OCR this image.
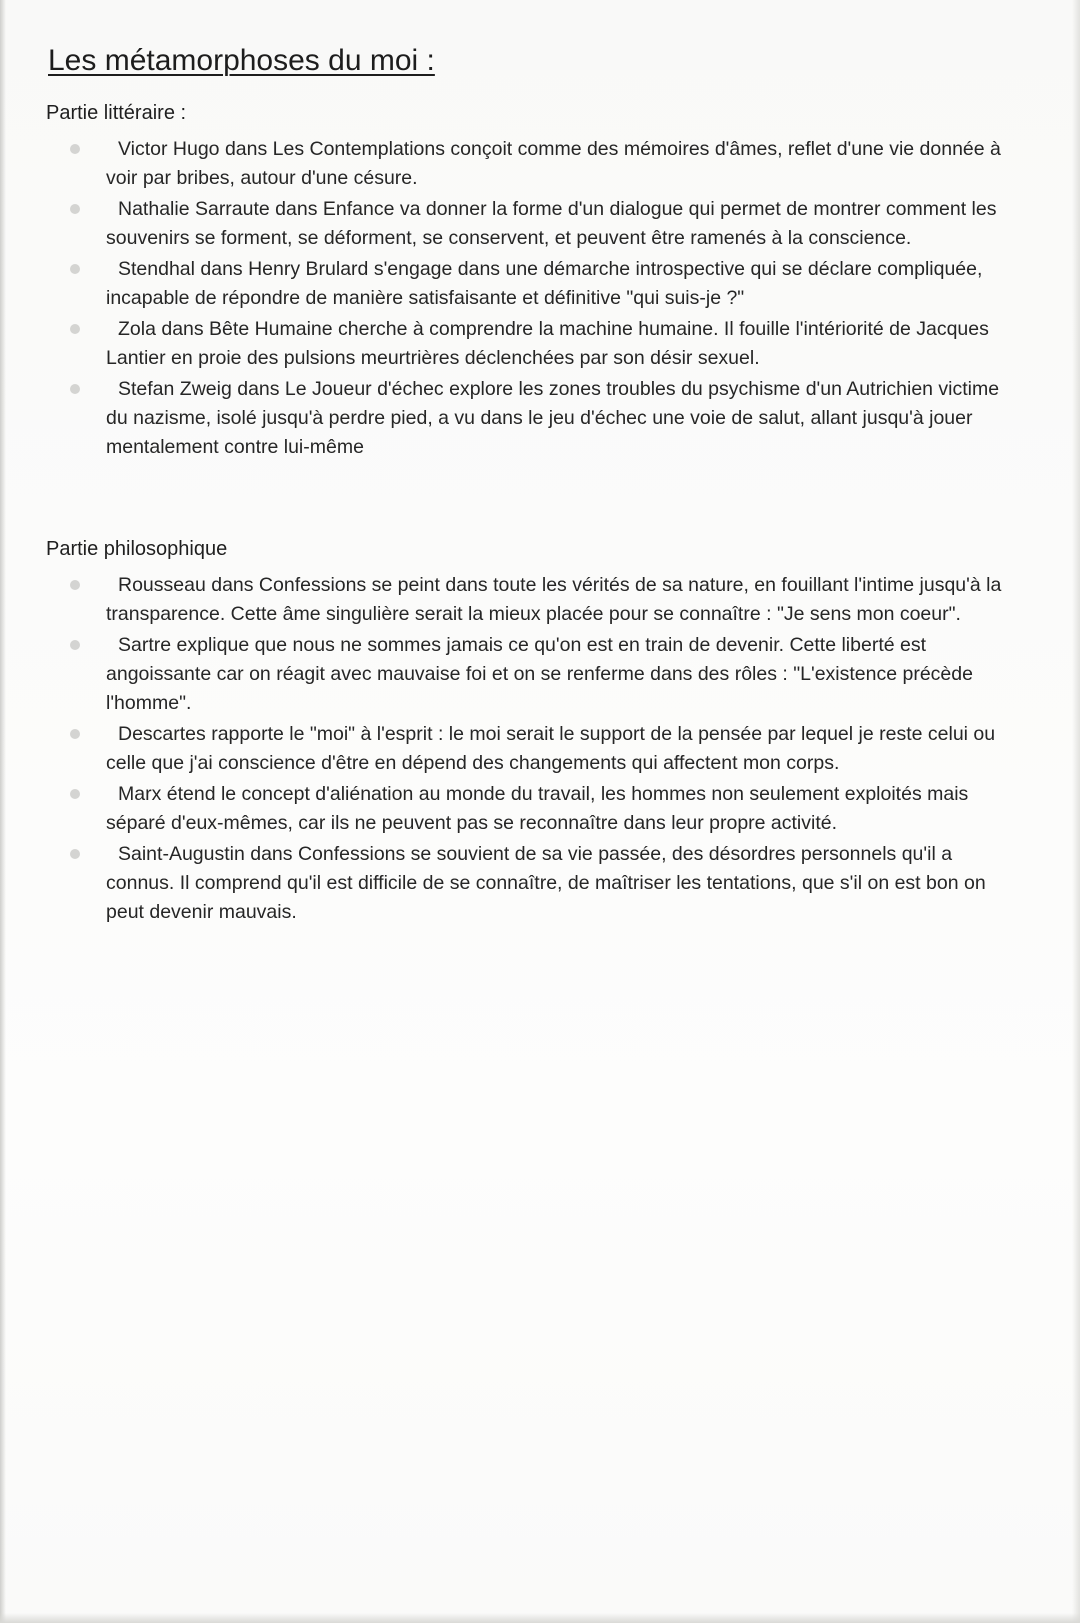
Les métamorphoses du moi :
Partie littéraire :
Victor Hugo dans Les Contemplations conçoit comme des mémoires d'âmes, reflet d'une vie donnée à voir par bribes, autour d'une césure.
Nathalie Sarraute dans Enfance va donner la forme d'un dialogue qui permet de montrer comment les souvenirs se forment, se déforment, se conservent, et peuvent être ramenés à la conscience.
Stendhal dans Henry Brulard s'engage dans une démarche introspective qui se déclare compliquée, incapable de répondre de manière satisfaisante et définitive "qui suis-je ?"
Zola dans Bête Humaine cherche à comprendre la machine humaine. Il fouille l'intériorité de Jacques Lantier en proie des pulsions meurtrières déclenchées par son désir sexuel.
Stefan Zweig dans Le Joueur d'échec explore les zones troubles du psychisme d'un Autrichien victime du nazisme, isolé jusqu'à perdre pied, a vu dans le jeu d'échec une voie de salut, allant jusqu'à jouer mentalement contre lui-même
Partie philosophique
Rousseau dans Confessions se peint dans toute les vérités de sa nature, en fouillant l'intime jusqu'à la transparence. Cette âme singulière serait la mieux placée pour se connaître : "Je sens mon coeur".
Sartre explique que nous ne sommes jamais ce qu'on est en train de devenir. Cette liberté est angoissante car on réagit avec mauvaise foi et on se renferme dans des rôles : "L'existence précède l'homme".
Descartes rapporte le "moi" à l'esprit : le moi serait le support de la pensée par lequel je reste celui ou celle que j'ai conscience d'être en dépend des changements qui affectent mon corps.
Marx étend le concept d'aliénation au monde du travail, les hommes non seulement exploités mais séparé d'eux-mêmes, car ils ne peuvent pas se reconnaître dans leur propre activité.
Saint-Augustin dans Confessions se souvient de sa vie passée, des désordres personnels qu'il a connus. Il comprend qu'il est difficile de se connaître, de maîtriser les tentations, que s'il on est bon on peut devenir mauvais.
